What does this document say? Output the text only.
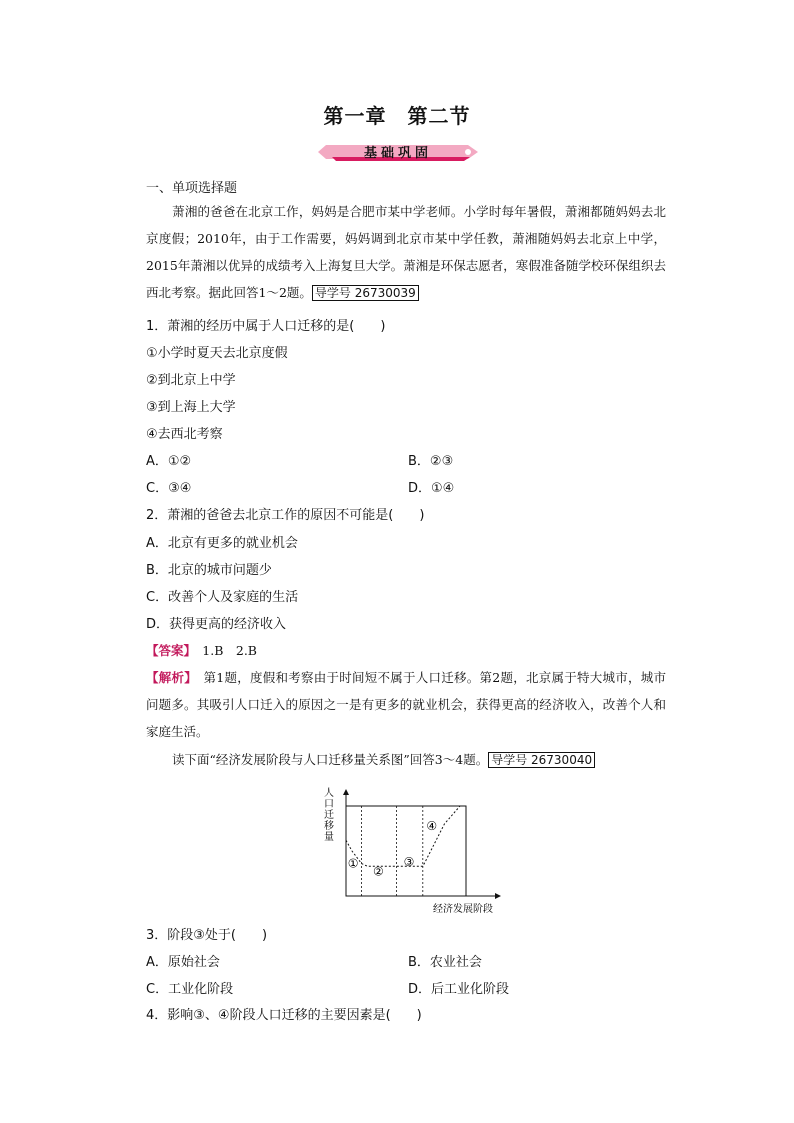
第一章　第二节
基础巩固
一、单项选择题
萧湘的爸爸在北京工作，妈妈是合肥市某中学老师。小学时每年暑假，萧湘都随妈妈去北京度假；2010年，由于工作需要，妈妈调到北京市某中学任教，萧湘随妈妈去北京上中学，2015年萧湘以优异的成绩考入上海复旦大学。萧湘是环保志愿者，寒假准备随学校环保组织去西北考察。据此回答1～2题。 导学号 26730039
1．萧湘的经历中属于人口迁移的是(　　)
①小学时夏天去北京度假
②到北京上中学
③到上海上大学
④去西北考察
A．①②	B．②③
C．③④	D．①④
2．萧湘的爸爸去北京工作的原因不可能是(　　)
A．北京有更多的就业机会
B．北京的城市问题少
C．改善个人及家庭的生活
D．获得更高的经济收入
【答案】　1.B　2.B
【解析】　第1题，度假和考察由于时间短不属于人口迁移。第2题，北京属于特大城市，城市问题多。其吸引人口迁入的原因之一是有更多的就业机会，获得更高的经济收入，改善个人和家庭生活。
读下面“经济发展阶段与人口迁移量关系图”回答3～4题。 导学号 26730040
①
②
③
④
人口迁移量
经济发展阶段
3．阶段③处于(　　)
A．原始社会	B．农业社会
C．工业化阶段	D．后工业化阶段
4．影响③、④阶段人口迁移的主要因素是(　　)
